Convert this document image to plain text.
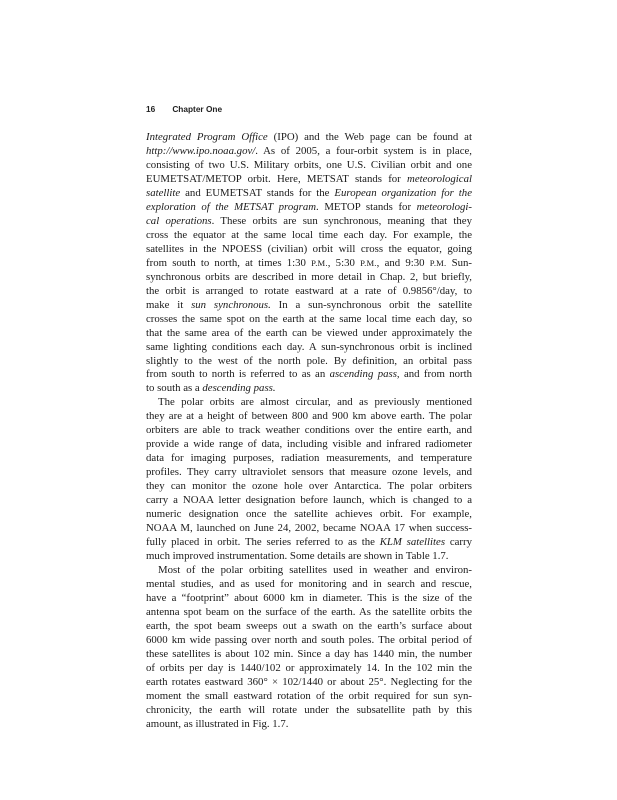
16 Chapter One
Integrated Program Office (IPO) and the Web page can be found at
http://www.ipo.noaa.gov/. As of 2005, a four-orbit system is in place,
consisting of two U.S. Military orbits, one U.S. Civilian orbit and one
EUMETSAT/METOP orbit. Here, METSAT stands for meteorological
satellite and EUMETSAT stands for the European organization for the
exploration of the METSAT program. METOP stands for meteorologi-
cal operations. These orbits are sun synchronous, meaning that they
cross the equator at the same local time each day. For example, the
satellites in the NPOESS (civilian) orbit will cross the equator, going
from south to north, at times 1:30 P.M., 5:30 P.M., and 9:30 P.M. Sun-
synchronous orbits are described in more detail in Chap. 2, but briefly,
the orbit is arranged to rotate eastward at a rate of 0.9856°/day, to
make it sun synchronous. In a sun-synchronous orbit the satellite
crosses the same spot on the earth at the same local time each day, so
that the same area of the earth can be viewed under approximately the
same lighting conditions each day. A sun-synchronous orbit is inclined
slightly to the west of the north pole. By definition, an orbital pass
from south to north is referred to as an ascending pass, and from north
to south as a descending pass.
The polar orbits are almost circular, and as previously mentioned
they are at a height of between 800 and 900 km above earth. The polar
orbiters are able to track weather conditions over the entire earth, and
provide a wide range of data, including visible and infrared radiometer
data for imaging purposes, radiation measurements, and temperature
profiles. They carry ultraviolet sensors that measure ozone levels, and
they can monitor the ozone hole over Antarctica. The polar orbiters
carry a NOAA letter designation before launch, which is changed to a
numeric designation once the satellite achieves orbit. For example,
NOAA M, launched on June 24, 2002, became NOAA 17 when success-
fully placed in orbit. The series referred to as the KLM satellites carry
much improved instrumentation. Some details are shown in Table 1.7.
Most of the polar orbiting satellites used in weather and environ-
mental studies, and as used for monitoring and in search and rescue,
have a “footprint” about 6000 km in diameter. This is the size of the
antenna spot beam on the surface of the earth. As the satellite orbits the
earth, the spot beam sweeps out a swath on the earth’s surface about
6000 km wide passing over north and south poles. The orbital period of
these satellites is about 102 min. Since a day has 1440 min, the number
of orbits per day is 1440/102 or approximately 14. In the 102 min the
earth rotates eastward 360° × 102/1440 or about 25°. Neglecting for the
moment the small eastward rotation of the orbit required for sun syn-
chronicity, the earth will rotate under the subsatellite path by this
amount, as illustrated in Fig. 1.7.
